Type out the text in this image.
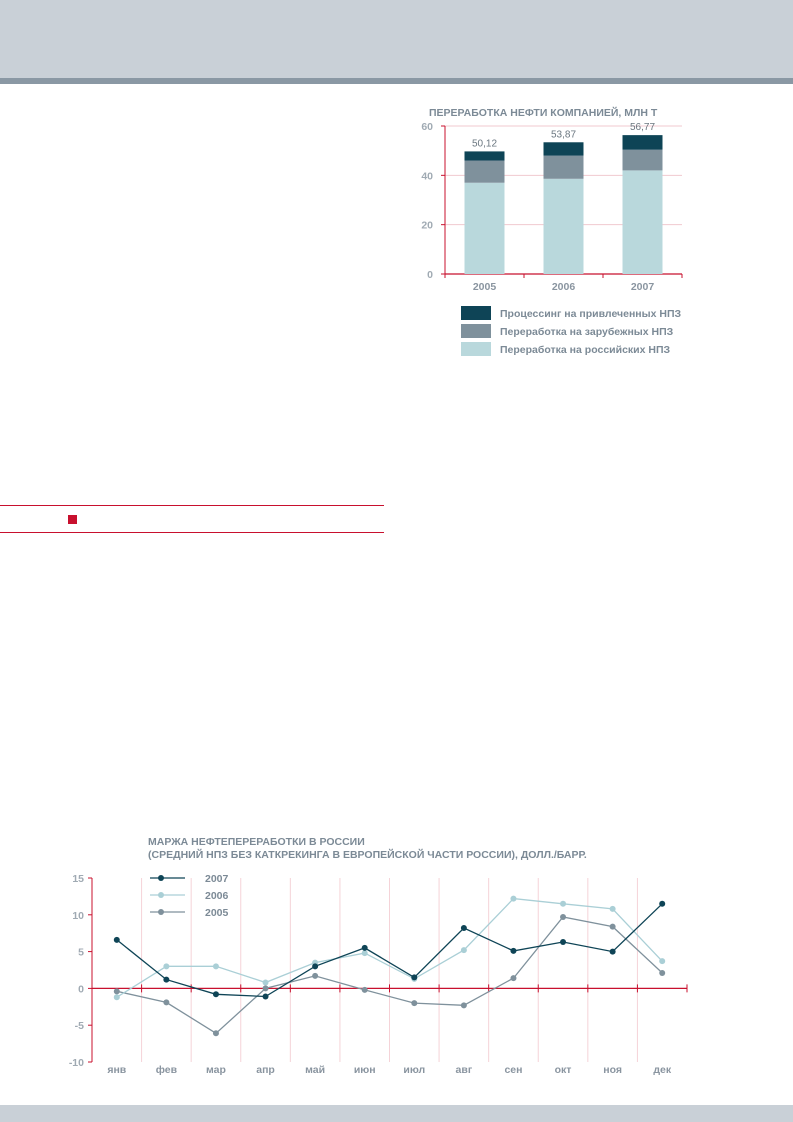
ПЕРЕРАБОТКА НЕФТИ КОМПАНИЕЙ, МЛН Т
50,12
53,87
56,77
0
20
40
60
2005	2006	2007
Процессинг на привлеченных НПЗ
Переработка на зарубежных НПЗ
Переработка на российских НПЗ
МАРЖА НЕФТЕПЕРЕРАБОТКИ В РОССИИ
(СРЕДНИЙ НПЗ БЕЗ КАТКРЕКИНГА В ЕВРОПЕЙСКОЙ ЧАСТИ РОССИИ), ДОЛЛ./БАРР.
-10
-5
0
5
10
15
янв	фев	мар	апр	май	июн	июл	авг	сен	окт	ноя	дек
2007
2006
2005
